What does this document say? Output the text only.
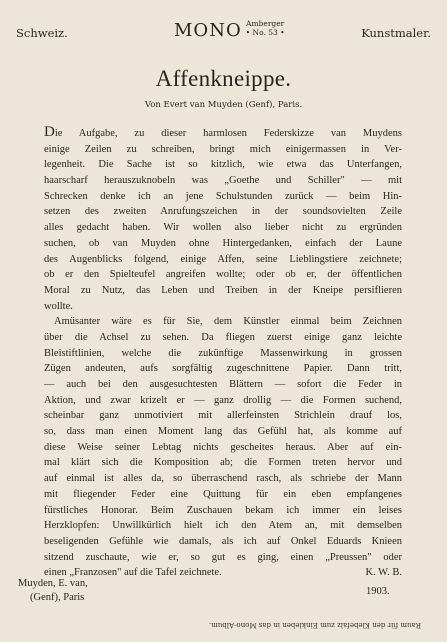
Schweiz.	MONO Amberger
• No. 53 •	Kunstmaler.
Affenkneippe.
Von Evert van Muyden (Genf), Paris.
Die Aufgabe, zu dieser harmlosen Federskizze van Muydens
einige Zeilen zu schreiben, bringt mich einigermassen in Ver-
legenheit. Die Sache ist so kitzlich, wie etwa das Unterfangen,
haarscharf herauszuknobeln was „Goethe und Schiller" — mit
Schrecken denke ich an jene Schulstunden zurück — beim Hin-
setzen des zweiten Anrufungszeichen in der soundsovielten Zeile
alles gedacht haben. Wir wollen also lieber nicht zu ergründen
suchen, ob van Muyden ohne Hintergedanken, einfach der Laune
des Augenblicks folgend, einige Affen, seine Lieblingstiere zeichnete;
ob er den Spielteufel angreifen wollte; oder ob er, der öffentlichen
Moral zu Nutz, das Leben und Treiben in der Kneipe persiflieren
wollte.
Amüsanter wäre es für Sie, dem Künstler einmal beim Zeichnen
über die Achsel zu sehen. Da fliegen zuerst einige ganz leichte
Bleistiftlinien, welche die zukünftige Massenwirkung in grossen
Zügen andeuten, aufs sorgfältig zugeschnittene Papier. Dann tritt,
— auch bei den ausgesuchtesten Blättern — sofort die Feder in
Aktion, und zwar krizelt er — ganz drollig — die Formen suchend,
scheinbar ganz unmotiviert mit allerfeinsten Strichlein drauf los,
so, dass man einen Moment lang das Gefühl hat, als komme auf
diese Weise seiner Lebtag nichts gescheites heraus. Aber auf ein-
mal klärt sich die Komposition ab; die Formen treten hervor und
auf einmal ist alles da, so überraschend rasch, als schriebe der Mann
mit fliegender Feder eine Quittung für ein eben empfangenes
fürstliches Honorar. Beim Zuschauen bekam ich immer ein leises
Herzklopfen: Unwillkürlich hielt ich den Atem an, mit demselben
beseligenden Gefühle wie damals, als ich auf Onkel Eduards Knieen
sitzend zuschaute, wie er, so gut es ging, einen „Preussen" oder
einen „Franzosen" auf die Tafel zeichnete.	K. W. B.
Muyden, E. van,
(Genf), Paris
1903.
Raum für den Klebefalz zum Einkleben in das Mono-Album.
